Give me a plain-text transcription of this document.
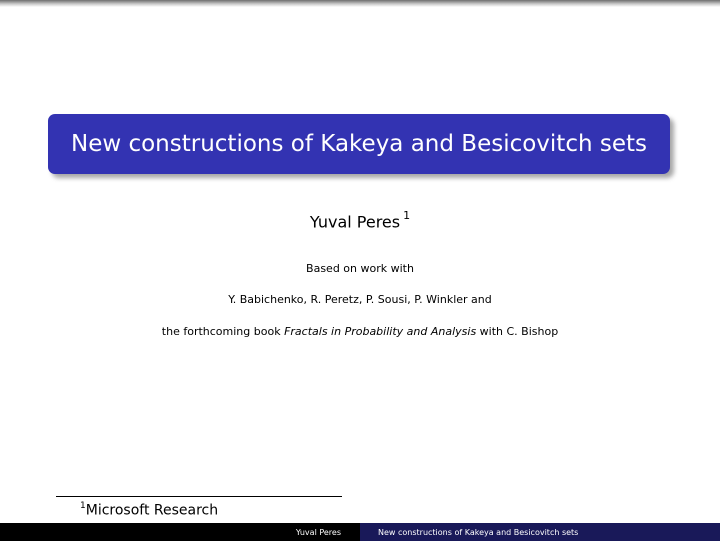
New constructions of Kakeya and Besicovitch sets
Yuval Peres $^1$
Based on work with
Y. Babichenko, R. Peretz, P. Sousi, P. Winkler and
the forthcoming book Fractals in Probability and Analysis with C. Bishop
$^1$Microsoft Research
Yuval Peres	New constructions of Kakeya and Besicovitch sets
